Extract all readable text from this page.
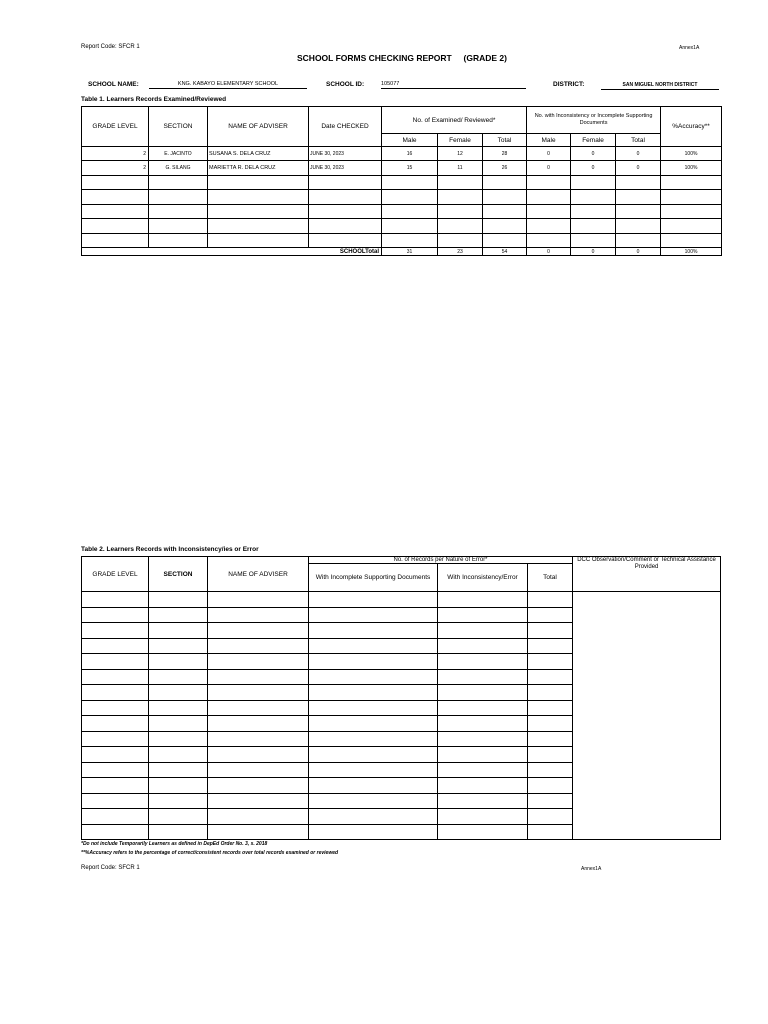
Report Code: SFCR 1	Annex1A
SCHOOL FORMS CHECKING REPORT     (GRADE 2)
SCHOOL NAME:	KNG. KABAYO ELEMENTARY SCHOOL	SCHOOL ID:	105077	DISTRICT:	SAN MIGUEL NORTH DISTRICT
Table 1. Learners Records Examined/Reviewed
GRADE LEVEL	SECTION	NAME OF ADVISER	Date CHECKED	No. of Examined/ Reviewed*			No. with Inconsistency or Incomplete Supporting Documents			%Accuracy**
				Male	Female	Total	Male	Female	Total	
2	E. JACINTO	SUSANA S. DELA CRUZ	JUNE 30, 2023	16	12	28	0	0	0	100%
2	G. SILANG	MARIETTA R. DELA CRUZ	JUNE 30, 2023	15	11	26	0	0	0	100%

SCHOOLTotal				31	23	54	0	0	0	100%
Table 2. Learners Records with Inconsistency/ies or Error
GRADE LEVEL	SECTION	NAME OF ADVISER	No. of Records per Nature of Error*			DCC Observation/Comment or Technical Assistance Provided
			With Incomplete Supporting Documents	With Inconsistency/Error	Total	

*Do not include Temporarily Learners as defined in DepEd Order No. 3, s. 2018
**%Accuracy refers to the percentage of correct/consistent records over total records examined or reviewed
Report Code: SFCR 1	Annex1A
